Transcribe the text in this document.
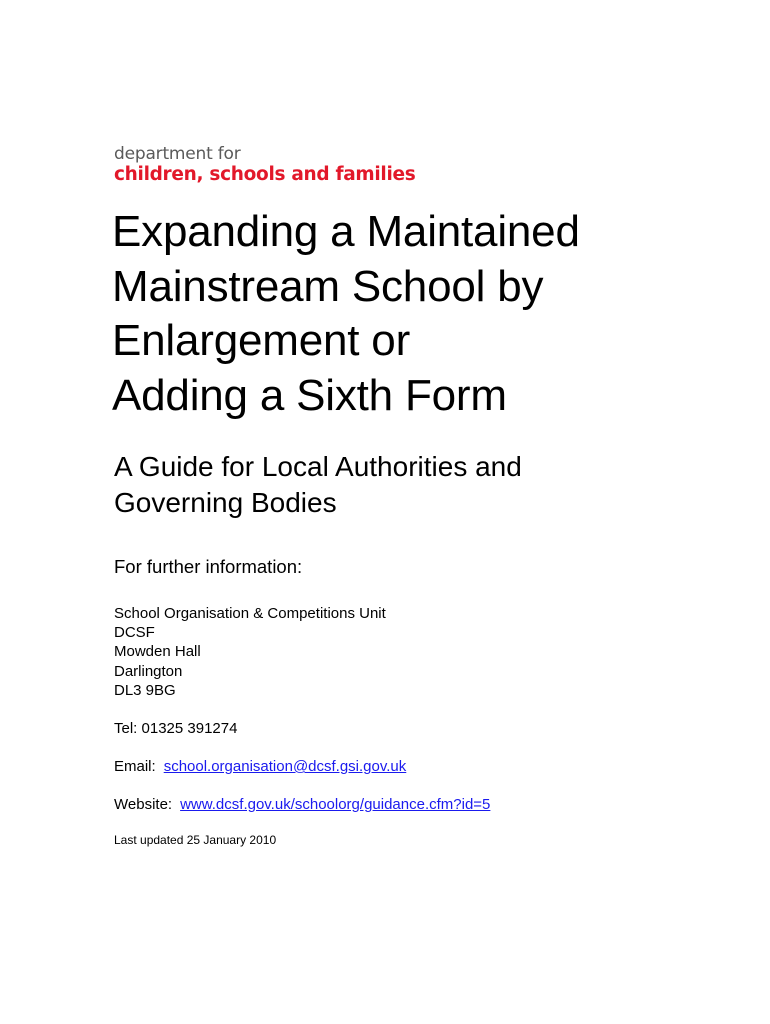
department for
children, schools and families
Expanding a Maintained
Mainstream School by
Enlargement or
Adding a Sixth Form
A Guide for Local Authorities and
Governing Bodies
For further information:
School Organisation & Competitions Unit
DCSF
Mowden Hall
Darlington
DL3 9BG
Tel: 01325 391274
Email: school.organisation@dcsf.gsi.gov.uk
Website: www.dcsf.gov.uk/schoolorg/guidance.cfm?id=5
Last updated 25 January 2010
